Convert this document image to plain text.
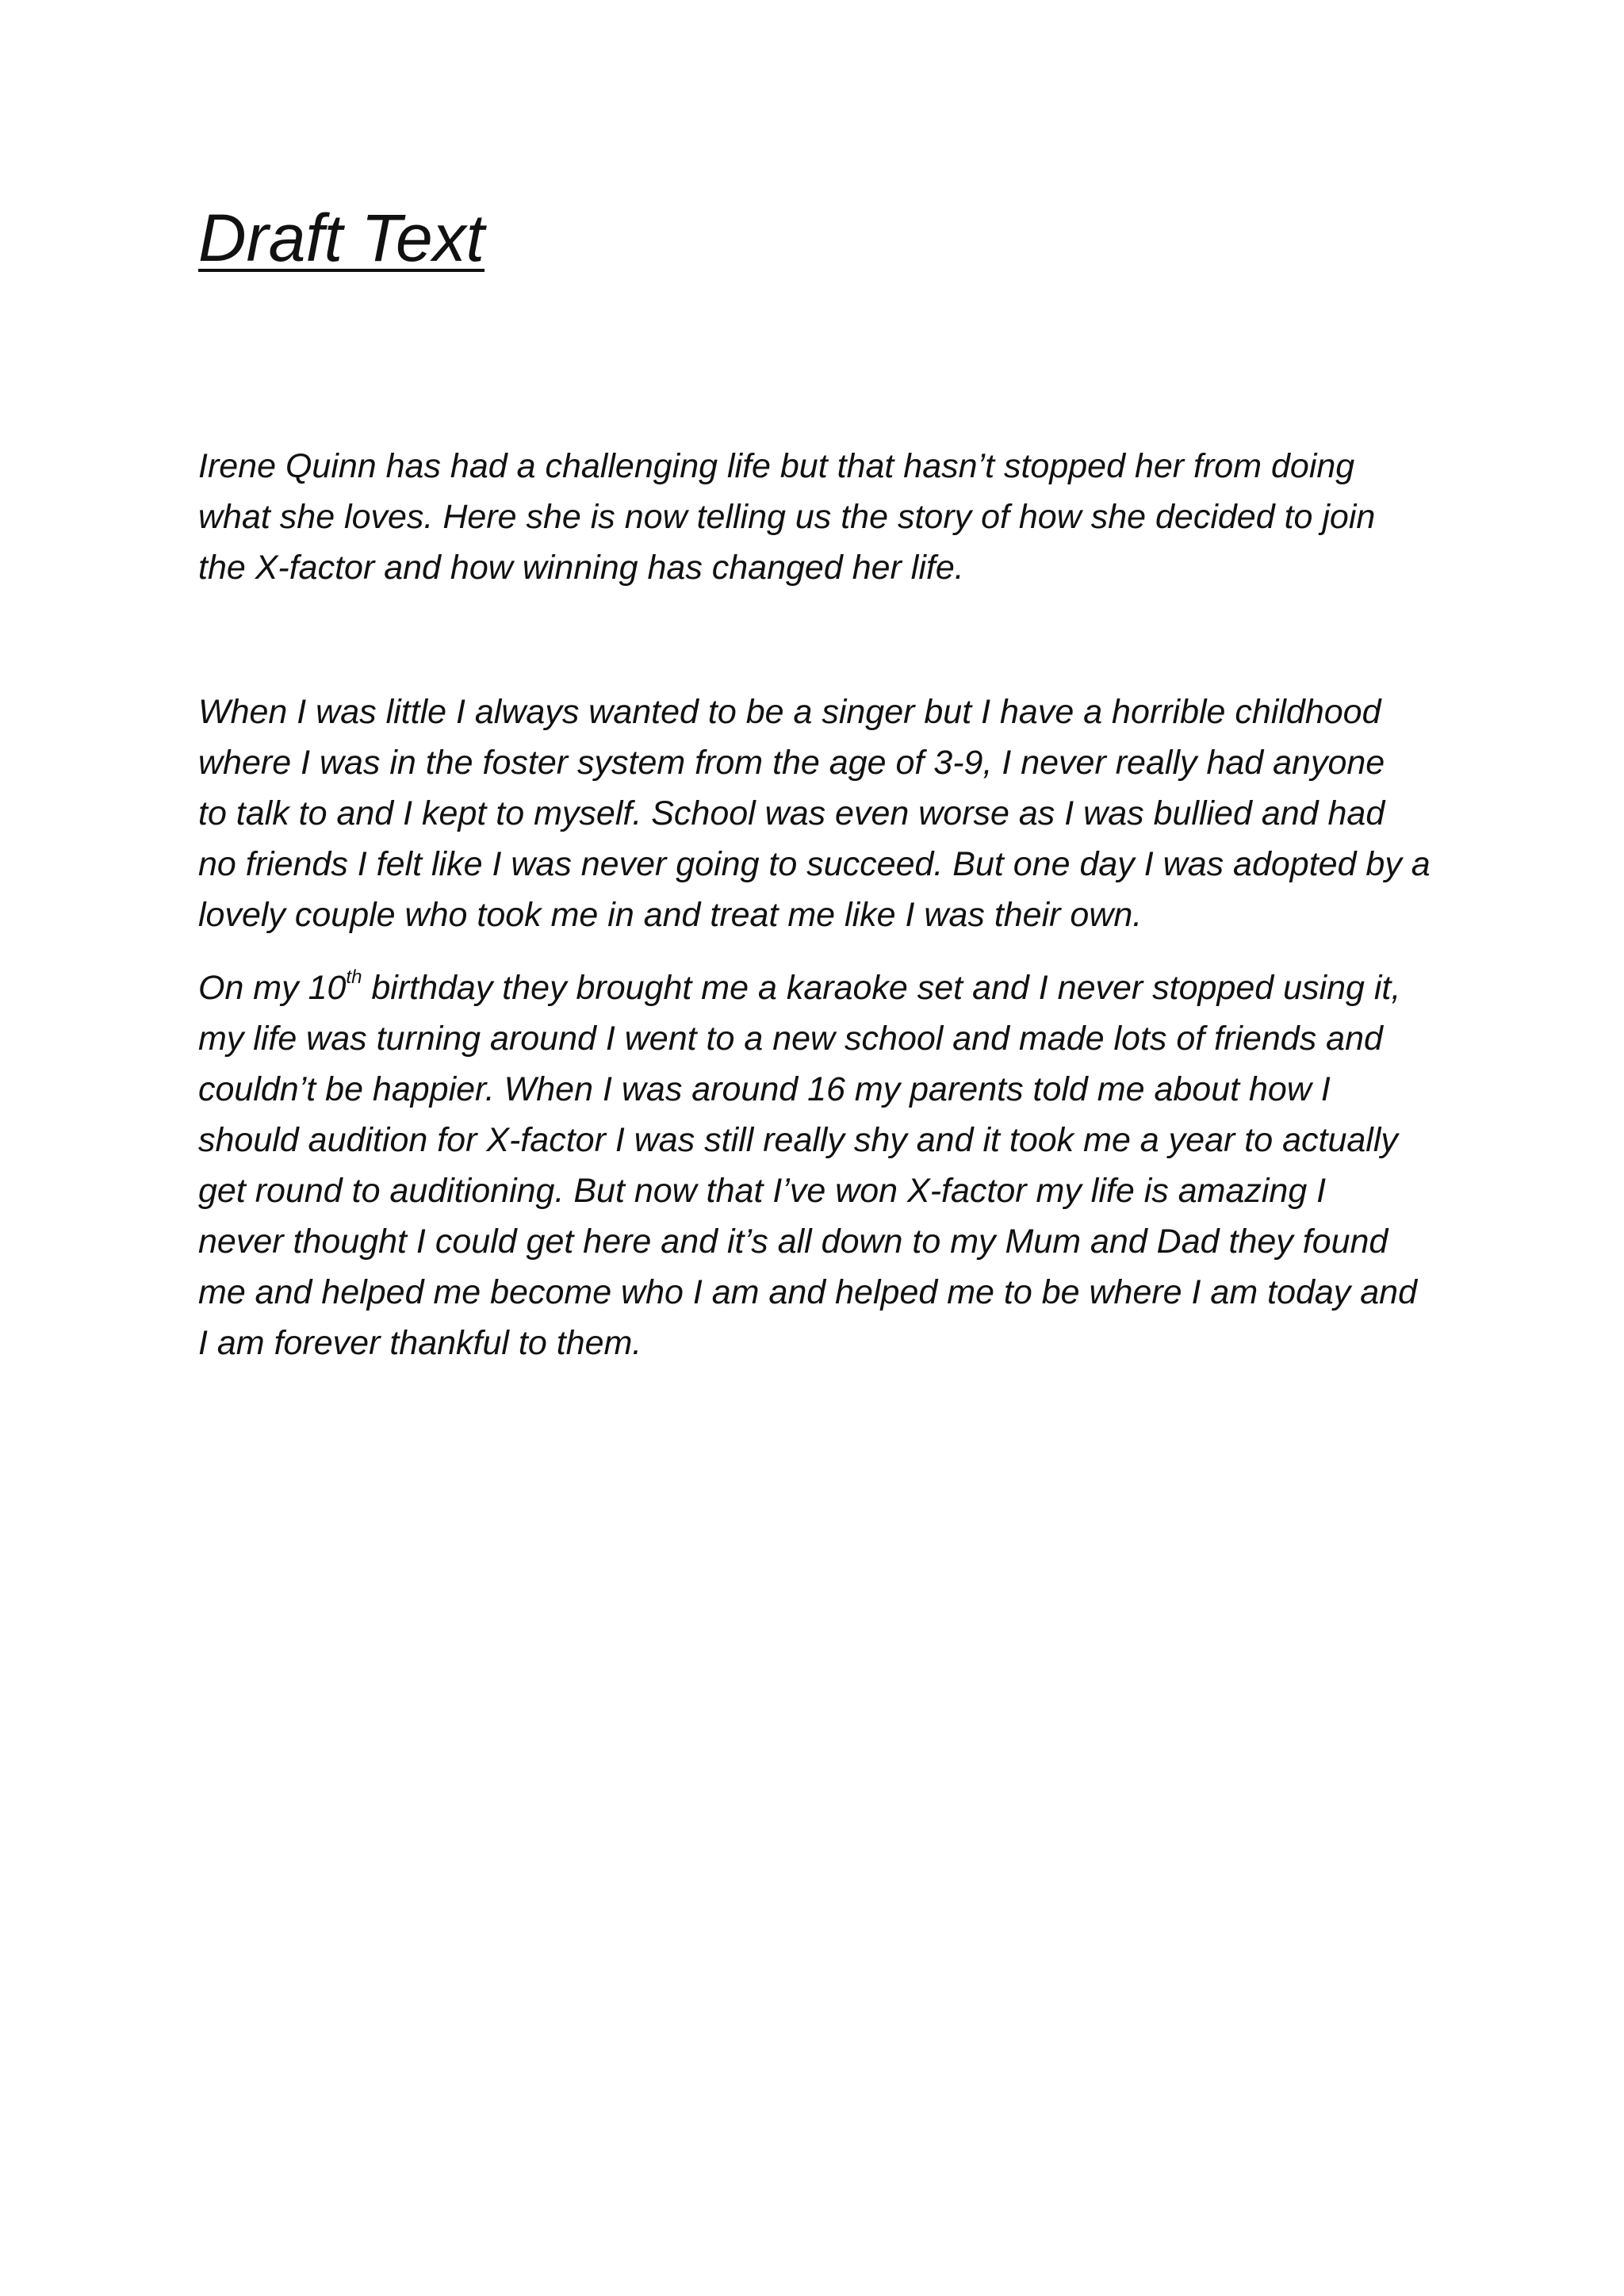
Draft Text
Irene Quinn has had a challenging life but that hasn’t stopped her from doing
what she loves. Here she is now telling us the story of how she decided to join
the X-factor and how winning has changed her life.
When I was little I always wanted to be a singer but I have a horrible childhood
where I was in the foster system from the age of 3-9, I never really had anyone
to talk to and I kept to myself. School was even worse as I was bullied and had
no friends I felt like I was never going to succeed. But one day I was adopted by a
lovely couple who took me in and treat me like I was their own.
On my 10th birthday they brought me a karaoke set and I never stopped using it,
my life was turning around I went to a new school and made lots of friends and
couldn’t be happier. When I was around 16 my parents told me about how I
should audition for X-factor I was still really shy and it took me a year to actually
get round to auditioning. But now that I’ve won X-factor my life is amazing I
never thought I could get here and it’s all down to my Mum and Dad they found
me and helped me become who I am and helped me to be where I am today and
I am forever thankful to them.
